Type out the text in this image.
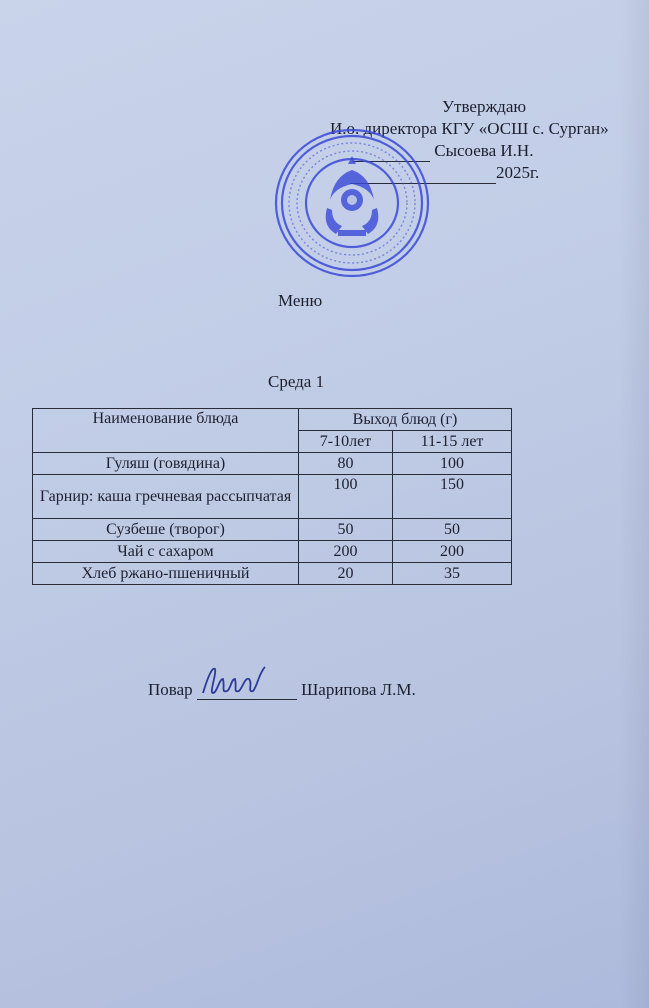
Утверждаю
И.о. директора КГУ «ОСШ с. Сурган»
Сысоева И.Н.
2025г.
Меню
Среда 1
Наименование блюда	Выход блюд (г)	
	7-10лет	11-15 лет
Гуляш (говядина)	80	100
Гарнир: каша гречневая рассыпчатая	100	150
Сузбеше (творог)	50	50
Чай с сахаром	200	200
Хлеб ржано-пшеничный	20	35
Повар	Шарипова Л.М.
